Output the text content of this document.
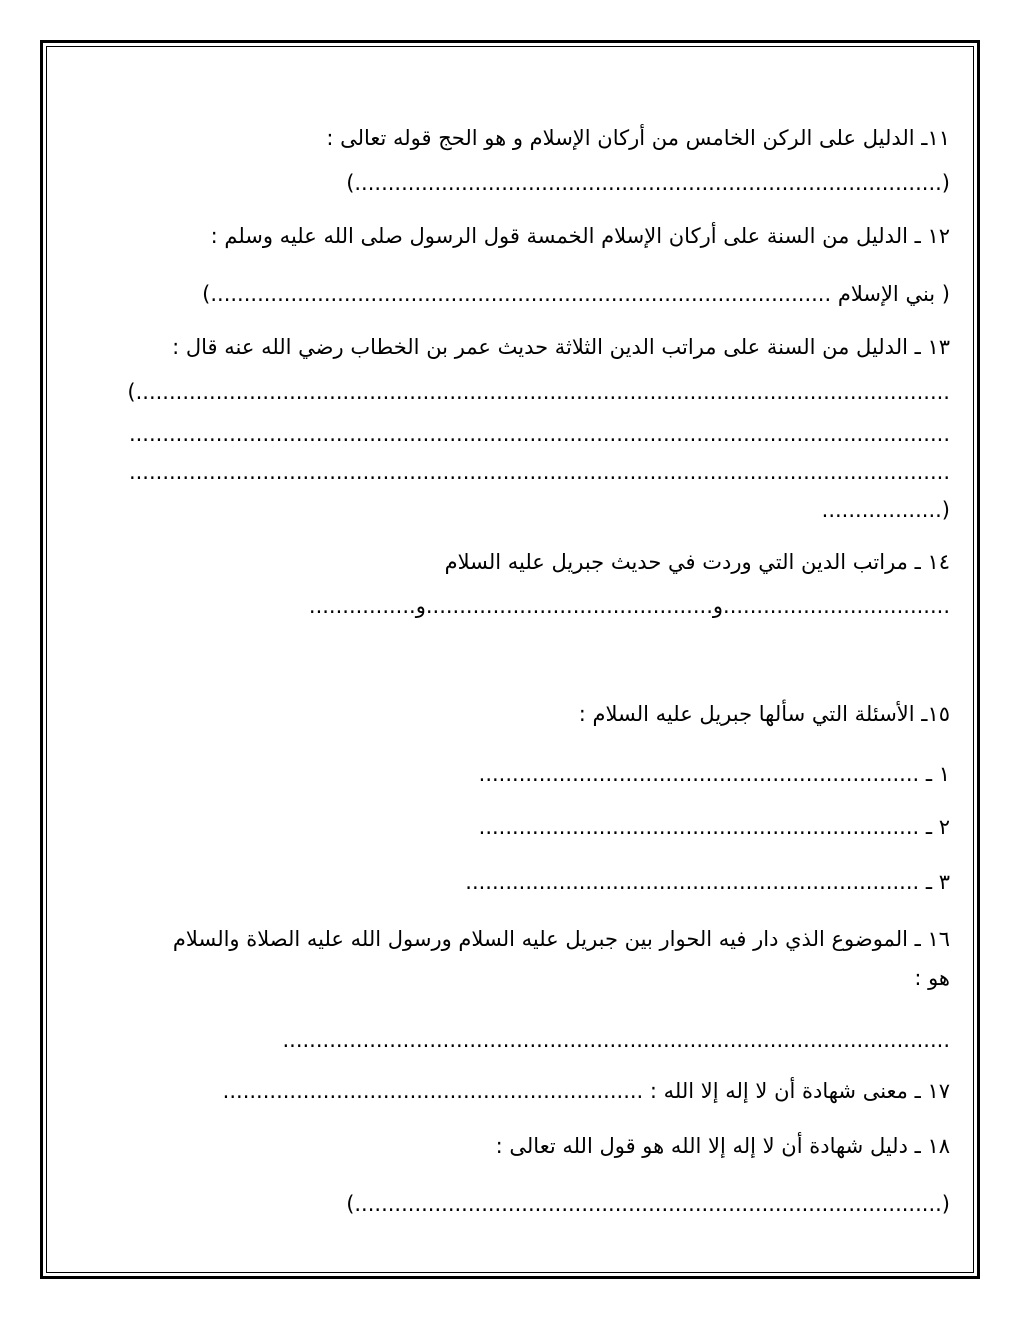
١١ـ الدليل على الركن الخامس من أركان الإسلام و هو الحج قوله تعالى :

(........................................................................................)

١٢ ـ الدليل من السنة على أركان الإسلام الخمسة قول الرسول صلى الله عليه وسلم :

( بني الإسلام .............................................................................................)

١٣ ـ الدليل من السنة على مراتب الدين الثلاثة حديث عمر بن الخطاب رضي الله عنه قال :

(..........................................................................................................................

...........................................................................................................................

...........................................................................................................................

..................)

١٤ ـ مراتب الدين التي وردت في حديث جبريل عليه السلام

................و...........................................و..................................

١٥ـ الأسئلة التي سألها جبريل عليه السلام :

١ ـ ..................................................................

٢ ـ ..................................................................

٣ ـ ....................................................................

١٦ ـ الموضوع الذي دار فيه الحوار بين جبريل عليه السلام ورسول الله عليه الصلاة والسلام

هو :

....................................................................................................

١٧ ـ معنى شهادة أن لا إله إلا الله : ...............................................................

١٨ ـ دليل شهادة أن لا إله إلا الله هو قول الله تعالى :

(........................................................................................)
